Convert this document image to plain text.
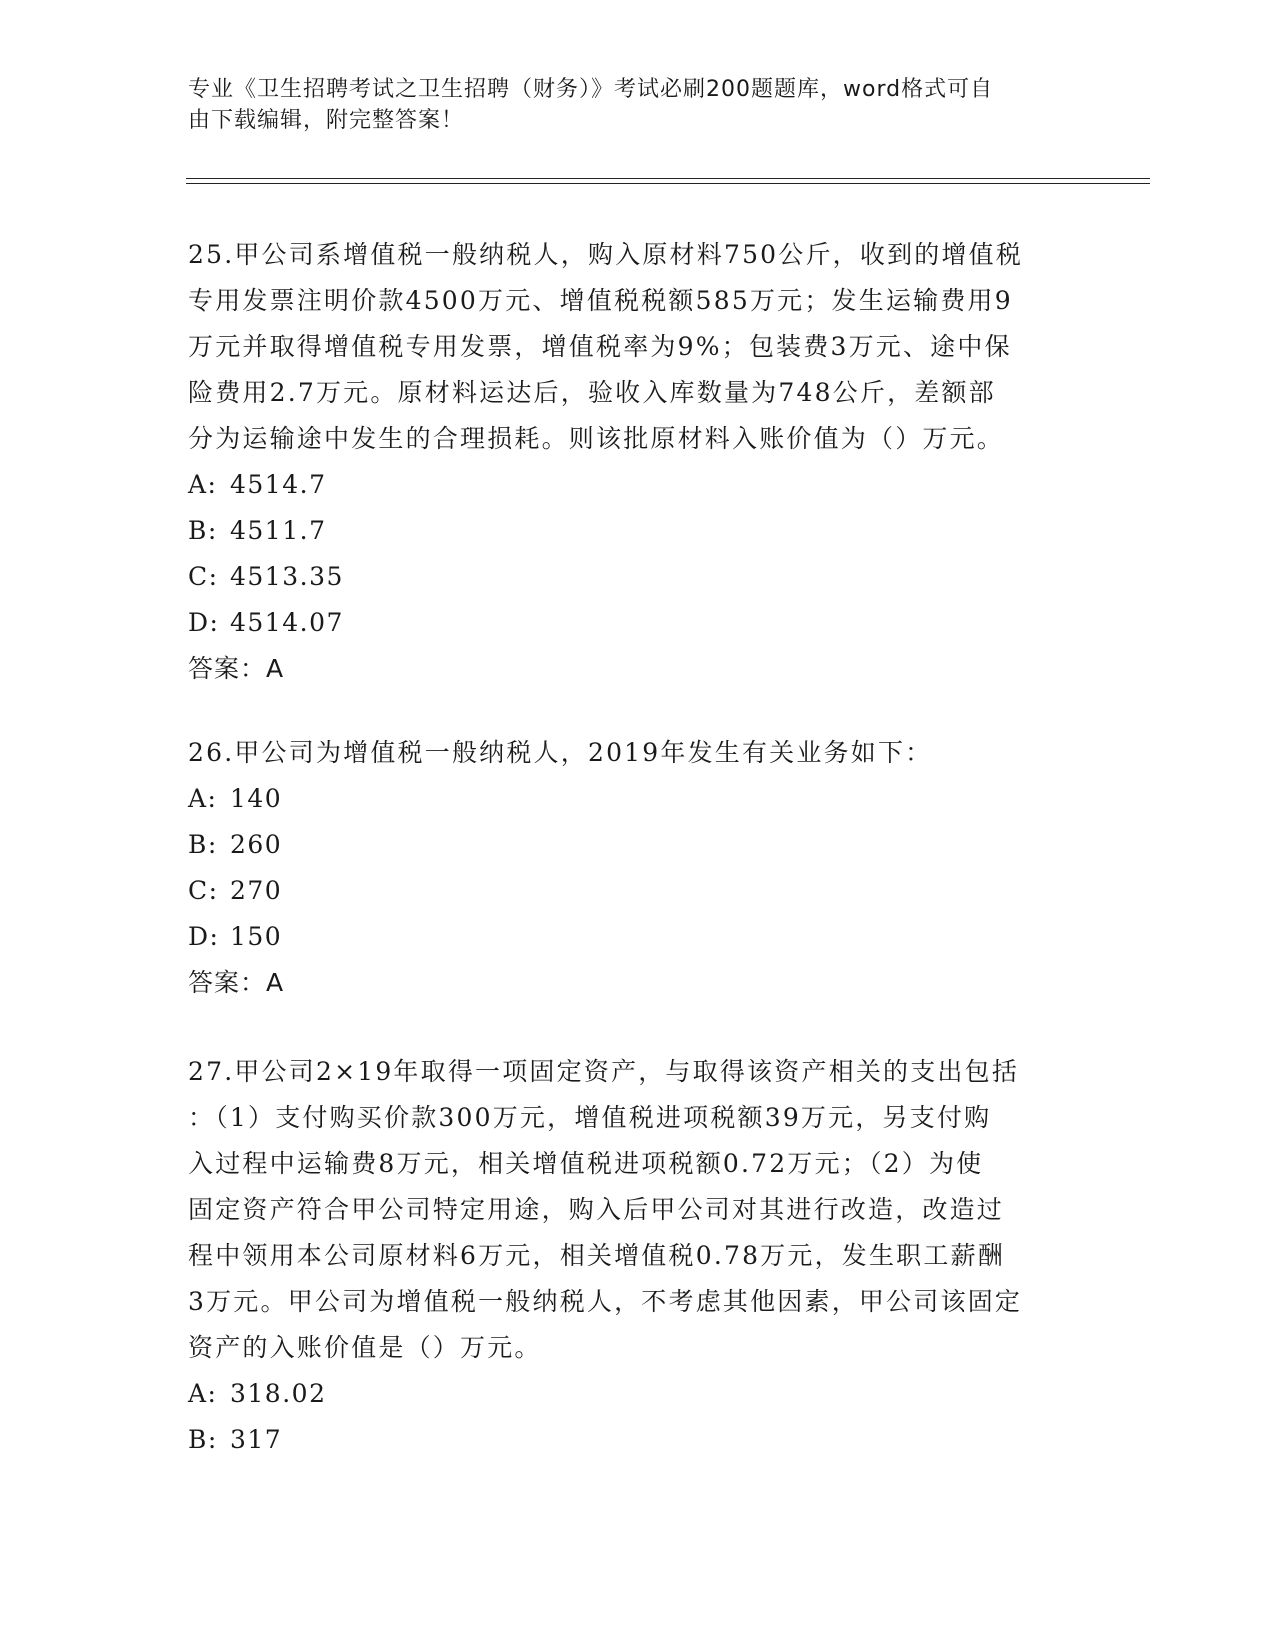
专业《卫生招聘考试之卫生招聘（财务）》考试必刷200题题库，word格式可自
由下载编辑，附完整答案！

25.甲公司系增值税一般纳税人，购入原材料750公斤，收到的增值税

专用发票注明价款4500万元、增值税税额585万元；发生运输费用9

万元并取得增值税专用发票，增值税率为9%；包装费3万元、途中保

险费用2.7万元。原材料运达后，验收入库数量为748公斤，差额部

分为运输途中发生的合理损耗。则该批原材料入账价值为（）万元。

A: 4514.7

B: 4511.7

C: 4513.35

D: 4514.07

答案：A

26.甲公司为增值税一般纳税人，2019年发生有关业务如下：

A: 140

B: 260

C: 270

D: 150

答案：A

27.甲公司2×19年取得一项固定资产，与取得该资产相关的支出包括

：（1）支付购买价款300万元，增值税进项税额39万元，另支付购

入过程中运输费8万元，相关增值税进项税额0.72万元；（2）为使

固定资产符合甲公司特定用途，购入后甲公司对其进行改造，改造过

程中领用本公司原材料6万元，相关增值税0.78万元，发生职工薪酬

3万元。甲公司为增值税一般纳税人，不考虑其他因素，甲公司该固定

资产的入账价值是（）万元。

A: 318.02

B: 317
